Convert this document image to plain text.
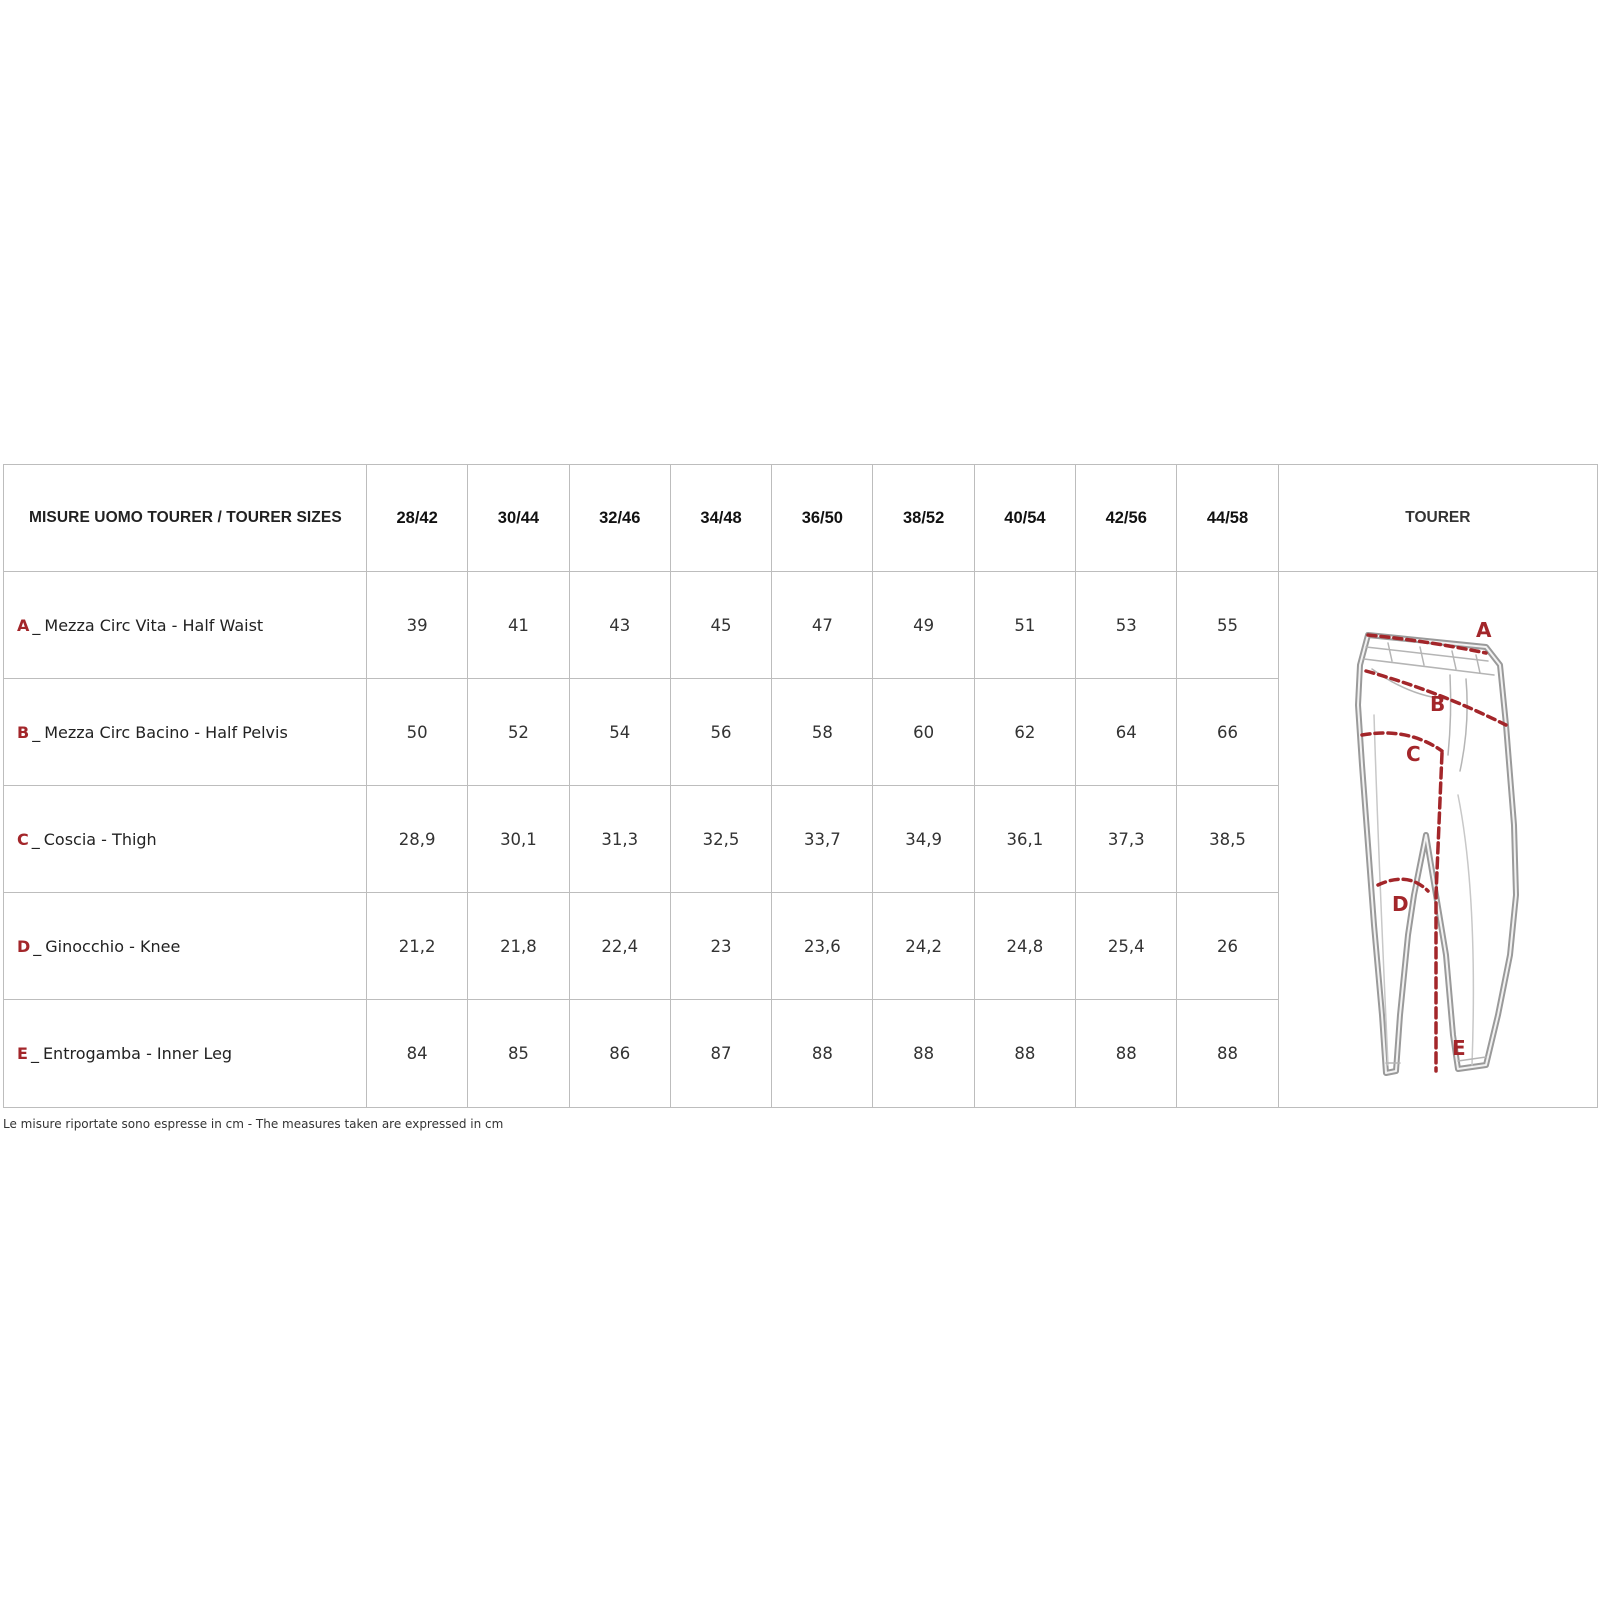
MISURE UOMO TOURER / TOURER SIZES	28/42	30/44	32/46	34/48	36/50	38/52	40/54	42/56	44/58	TOURER
A _ Mezza Circ Vita - Half Waist	39	41	43	45	47	49	51	53	55	A
B
C
D
E
B _ Mezza Circ Bacino - Half Pelvis	50	52	54	56	58	60	62	64	66
C _ Coscia - Thigh	28,9	30,1	31,3	32,5	33,7	34,9	36,1	37,3	38,5
D _ Ginocchio - Knee	21,2	21,8	22,4	23	23,6	24,2	24,8	25,4	26
E _ Entrogamba - Inner Leg	84	85	86	87	88	88	88	88	88
Le misure riportate sono espresse in cm - The measures taken are expressed in cm
